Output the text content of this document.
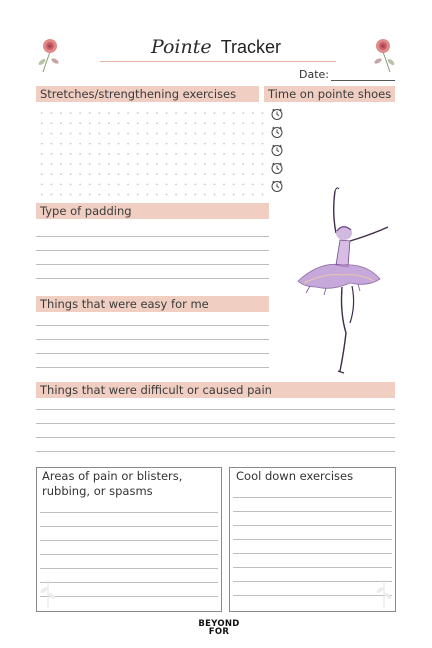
Pointe Tracker
Date:
Stretches/strengthening exercises	Time on pointe shoes
Type of padding
Things that were easy for me
Things that were difficult or caused pain
Areas of pain or blisters, rubbing, or spasms
Cool down exercises
BEYOND
FOR
